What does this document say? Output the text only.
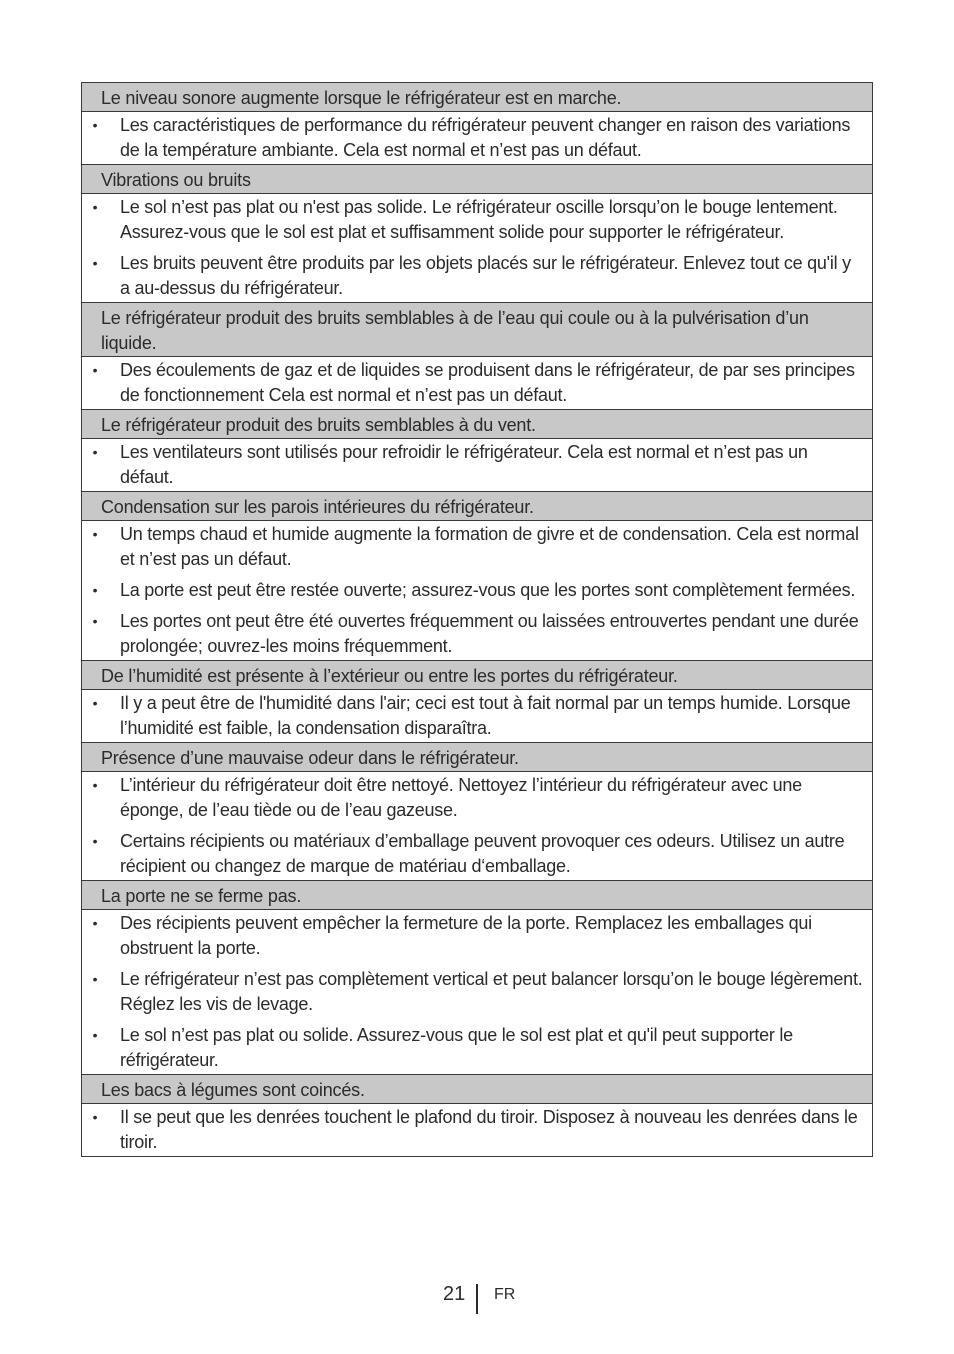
Le niveau sonore augmente lorsque le réfrigérateur est en marche.
• Les caractéristiques de performance du réfrigérateur peuvent changer en raison des variations de la température ambiante. Cela est normal et n’est pas un défaut.
Vibrations ou bruits
• Le sol n’est pas plat ou n'est pas solide. Le réfrigérateur oscille lorsqu’on le bouge lentement. Assurez-vous que le sol est plat et suffisamment solide pour supporter le réfrigérateur.
• Les bruits peuvent être produits par les objets placés sur le réfrigérateur. Enlevez tout ce qu'il y a au-dessus du réfrigérateur.
Le réfrigérateur produit des bruits semblables à de l’eau qui coule ou à la pulvérisation d’un liquide.
• Des écoulements de gaz et de liquides se produisent dans le réfrigérateur, de par ses principes de fonctionnement Cela est normal et n’est pas un défaut.
Le réfrigérateur produit des bruits semblables à du vent.
• Les ventilateurs sont utilisés pour refroidir le réfrigérateur. Cela est normal et n’est pas un défaut.
Condensation sur les parois intérieures du réfrigérateur.
• Un temps chaud et humide augmente la formation de givre et de condensation. Cela est normal et n’est pas un défaut.
• La porte est peut être restée ouverte; assurez-vous que les portes sont complètement fermées.
• Les portes ont peut être été ouvertes fréquemment ou laissées entrouvertes pendant une durée prolongée; ouvrez-les moins fréquemment.
De l’humidité est présente à l’extérieur ou entre les portes du réfrigérateur.
• Il y a peut être de l'humidité dans l'air; ceci est tout à fait normal par un temps humide. Lorsque l’humidité est faible, la condensation disparaîtra.
Présence d’une mauvaise odeur dans le réfrigérateur.
• L’intérieur du réfrigérateur doit être nettoyé. Nettoyez l’intérieur du réfrigérateur avec une éponge, de l’eau tiède ou de l’eau gazeuse.
• Certains récipients ou matériaux d’emballage peuvent provoquer ces odeurs. Utilisez un autre récipient ou changez de marque de matériau d‘emballage.
La porte ne se ferme pas.
• Des récipients peuvent empêcher la fermeture de la porte. Remplacez les emballages qui obstruent la porte.
• Le réfrigérateur n’est pas complètement vertical et peut balancer lorsqu’on le bouge légèrement. Réglez les vis de levage.
• Le sol n’est pas plat ou solide. Assurez-vous que le sol est plat et qu'il peut supporter le réfrigérateur.
Les bacs à légumes sont coincés.
• Il se peut que les denrées touchent le plafond du tiroir. Disposez à nouveau les denrées dans le tiroir.
21 FR
